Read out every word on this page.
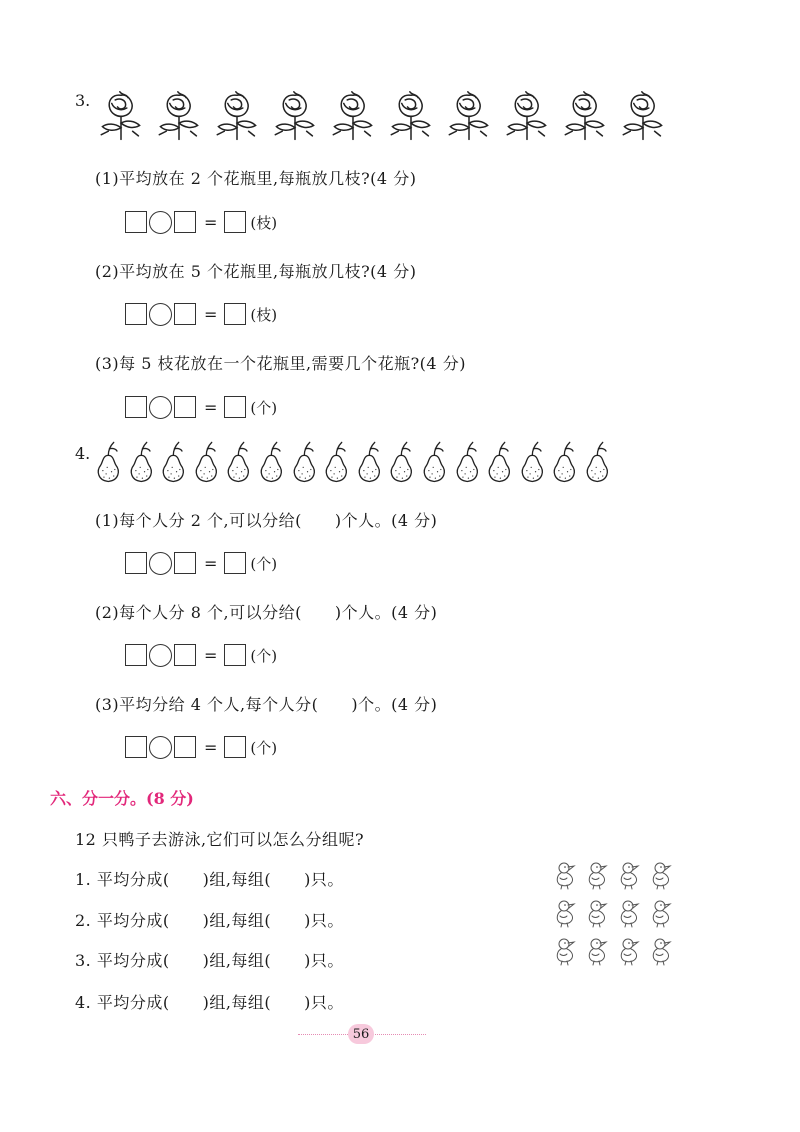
3.
(1)平均放在 2 个花瓶里,每瓶放几枝?(4 分)
= (枝)
(2)平均放在 5 个花瓶里,每瓶放几枝?(4 分)
= (枝)
(3)每 5 枝花放在一个花瓶里,需要几个花瓶?(4 分)
= (个)
4.
(1)每个人分 2 个,可以分给(　　)个人。(4 分)
= (个)
(2)每个人分 8 个,可以分给(　　)个人。(4 分)
= (个)
(3)平均分给 4 个人,每个人分(　　)个。(4 分)
= (个)
六、分一分。(8 分)
12 只鸭子去游泳,它们可以怎么分组呢?
1. 平均分成(　　)组,每组(　　)只。
2. 平均分成(　　)组,每组(　　)只。
3. 平均分成(　　)组,每组(　　)只。
4. 平均分成(　　)组,每组(　　)只。
56
